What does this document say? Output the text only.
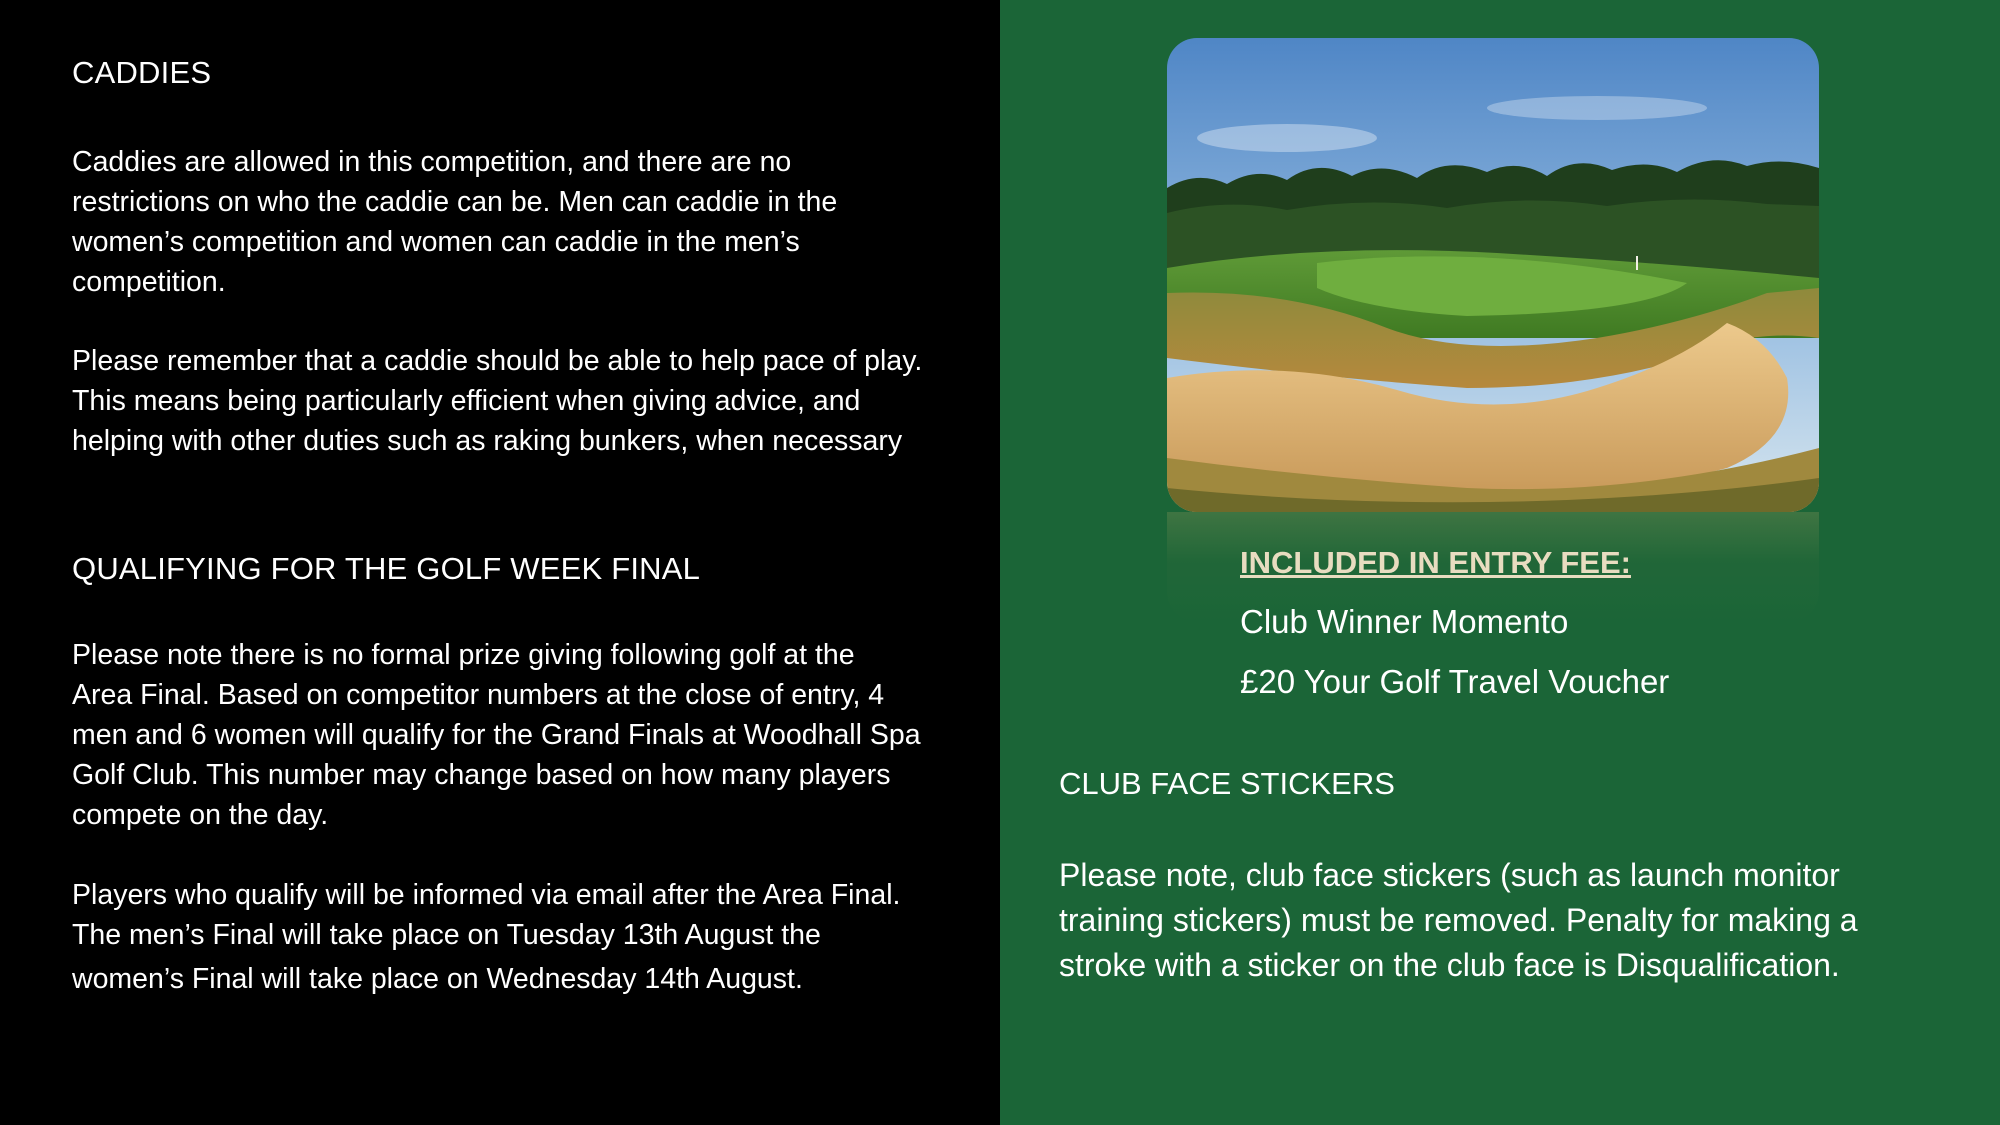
CADDIES
Caddies are allowed in this competition, and there are no
restrictions on who the caddie can be. Men can caddie in the
women’s competition and women can caddie in the men’s
competition.
Please remember that a caddie should be able to help pace of play.
This means being particularly efficient when giving advice, and
helping with other duties such as raking bunkers, when necessary
QUALIFYING FOR THE GOLF WEEK FINAL
Please note there is no formal prize giving following golf at the
Area Final. Based on competitor numbers at the close of entry, 4
men and 6 women will qualify for the Grand Finals at Woodhall Spa
Golf Club. This number may change based on how many players
compete on the day.
Players who qualify will be informed via email after the Area Final.
The men’s Final will take place on Tuesday 13th August the
women’s Final will take place on Wednesday 14th August.
INCLUDED IN ENTRY FEE:
Club Winner Momento
£20 Your Golf Travel Voucher
CLUB FACE STICKERS
Please note, club face stickers (such as launch monitor
training stickers) must be removed. Penalty for making a
stroke with a sticker on the club face is Disqualification.
